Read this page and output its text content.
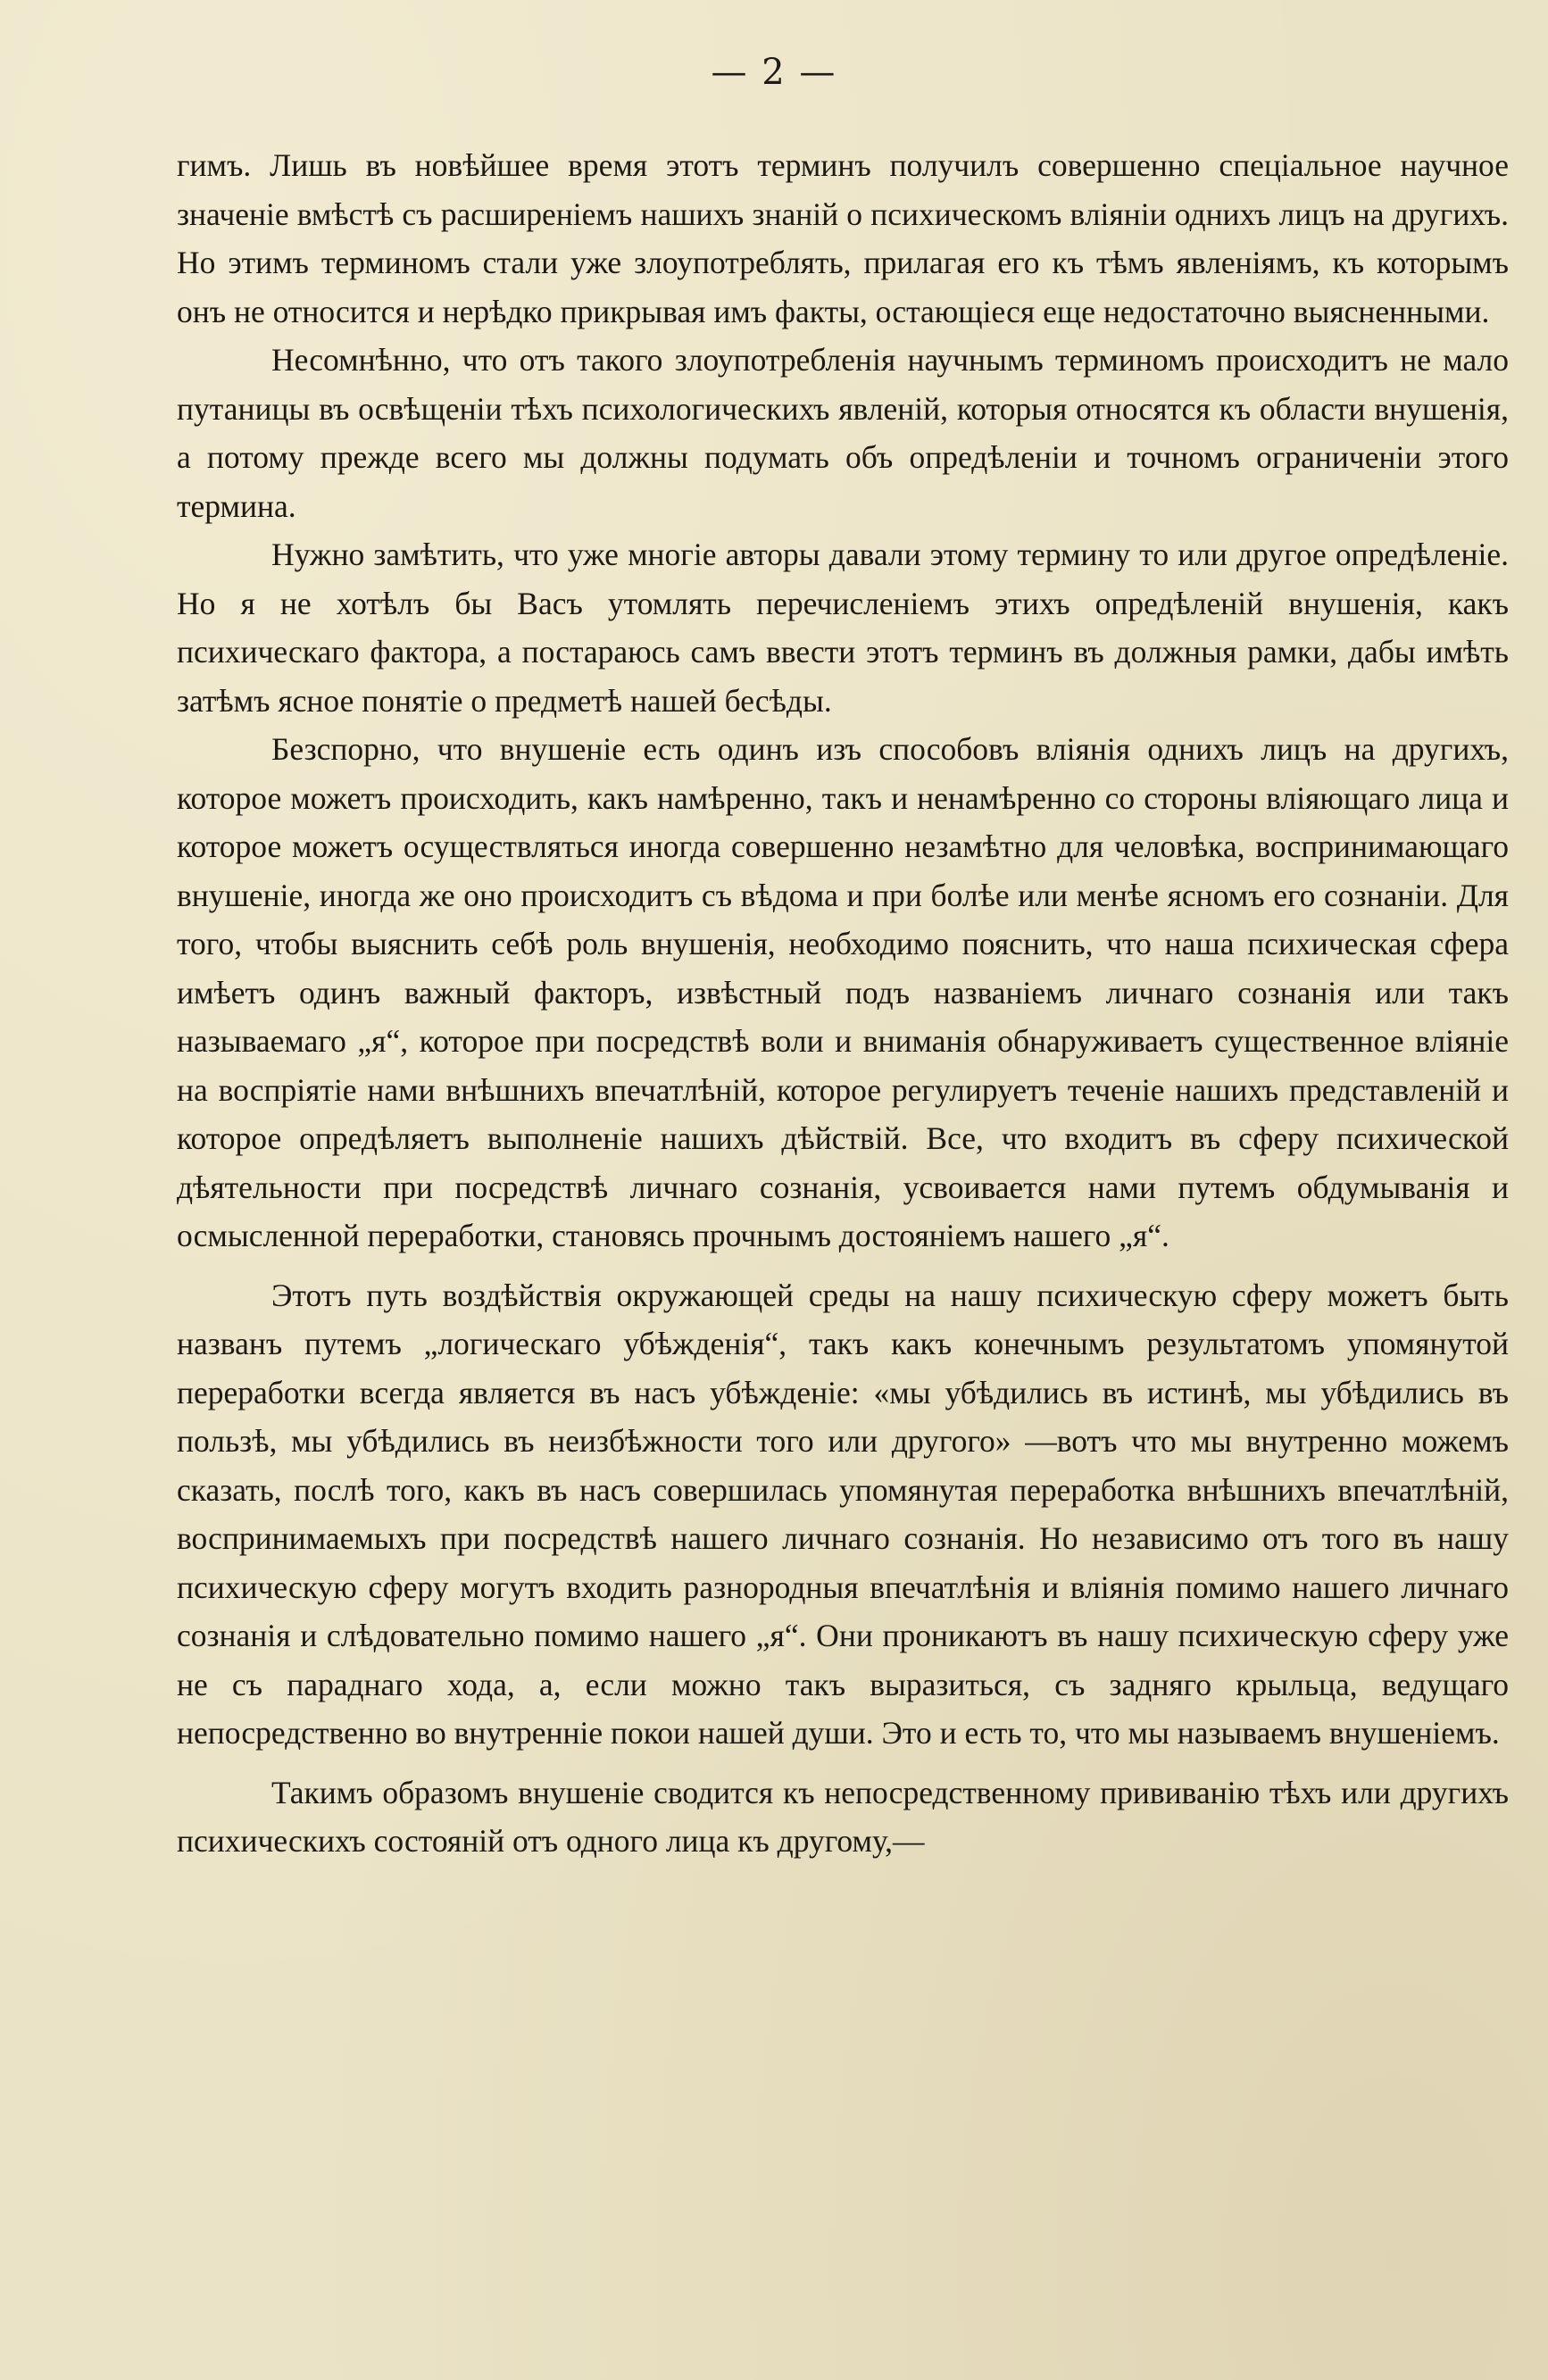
— 2 —

гимъ. Лишь въ новѣйшее время этотъ терминъ получилъ совершенно спеціальное научное значеніе вмѣстѣ съ расширеніемъ нашихъ знаній о психическомъ вліяніи однихъ лицъ на другихъ. Но этимъ терминомъ стали уже злоупотреблять, прилагая его къ тѣмъ явленіямъ, къ которымъ онъ не относится и нерѣдко прикрывая имъ факты, остающіеся еще недостаточно выясненными.

Несомнѣнно, что отъ такого злоупотребленія научнымъ терминомъ происходитъ не мало путаницы въ освѣщеніи тѣхъ психологическихъ явленій, которыя относятся къ области внушенія, а потому прежде всего мы должны подумать объ опредѣленіи и точномъ ограниченіи этого термина.

Нужно замѣтить, что уже многіе авторы давали этому термину то или другое опредѣленіе. Но я не хотѣлъ бы Васъ утомлять перечисленіемъ этихъ опредѣленій внушенія, какъ психическаго фактора, а постараюсь самъ ввести этотъ терминъ въ должныя рамки, дабы имѣть затѣмъ ясное понятіе о предметѣ нашей бесѣды.

Безспорно, что внушеніе есть одинъ изъ способовъ вліянія однихъ лицъ на другихъ, которое можетъ происходить, какъ намѣренно, такъ и ненамѣренно со стороны вліяющаго лица и которое можетъ осуществляться иногда совершенно незамѣтно для человѣка, воспринимающаго внушеніе, иногда же оно происходитъ съ вѣдома и при болѣе или менѣе ясномъ его сознаніи. Для того, чтобы выяснить себѣ роль внушенія, необходимо пояснить, что наша психическая сфера имѣетъ одинъ важный факторъ, извѣстный подъ названіемъ личнаго сознанія или такъ называемаго „я“, которое при посредствѣ воли и вниманія обнаруживаетъ существенное вліяніе на воспріятіе нами внѣшнихъ впечатлѣній, которое регулируетъ теченіе нашихъ представленій и которое опредѣляетъ выполненіе нашихъ дѣйствій. Все, что входитъ въ сферу психической дѣятельности при посредствѣ личнаго сознанія, усвоивается нами путемъ обдумыванія и осмысленной переработки, становясь прочнымъ достояніемъ нашего „я“.

Этотъ путь воздѣйствія окружающей среды на нашу психическую сферу можетъ быть названъ путемъ „логическаго убѣжденія“, такъ какъ конечнымъ результатомъ упомянутой переработки всегда является въ насъ убѣжденіе: «мы убѣдились въ истинѣ, мы убѣдились въ пользѣ, мы убѣдились въ неизбѣжности того или другого» —вотъ что мы внутренно можемъ сказать, послѣ того, какъ въ насъ совершилась упомянутая переработка внѣшнихъ впечатлѣній, воспринимаемыхъ при посредствѣ нашего личнаго сознанія. Но независимо отъ того въ нашу психическую сферу могутъ входить разнородныя впечатлѣнія и вліянія помимо нашего личнаго сознанія и слѣдовательно помимо нашего „я“. Они проникаютъ въ нашу психическую сферу уже не съ параднаго хода, а, если можно такъ выразиться, съ задняго крыльца, ведущаго непосредственно во внутренніе покои нашей души. Это и есть то, что мы называемъ внушеніемъ.

Такимъ образомъ внушеніе сводится къ непосредственному прививанію тѣхъ или другихъ психическихъ состояній отъ одного лица къ другому,—
